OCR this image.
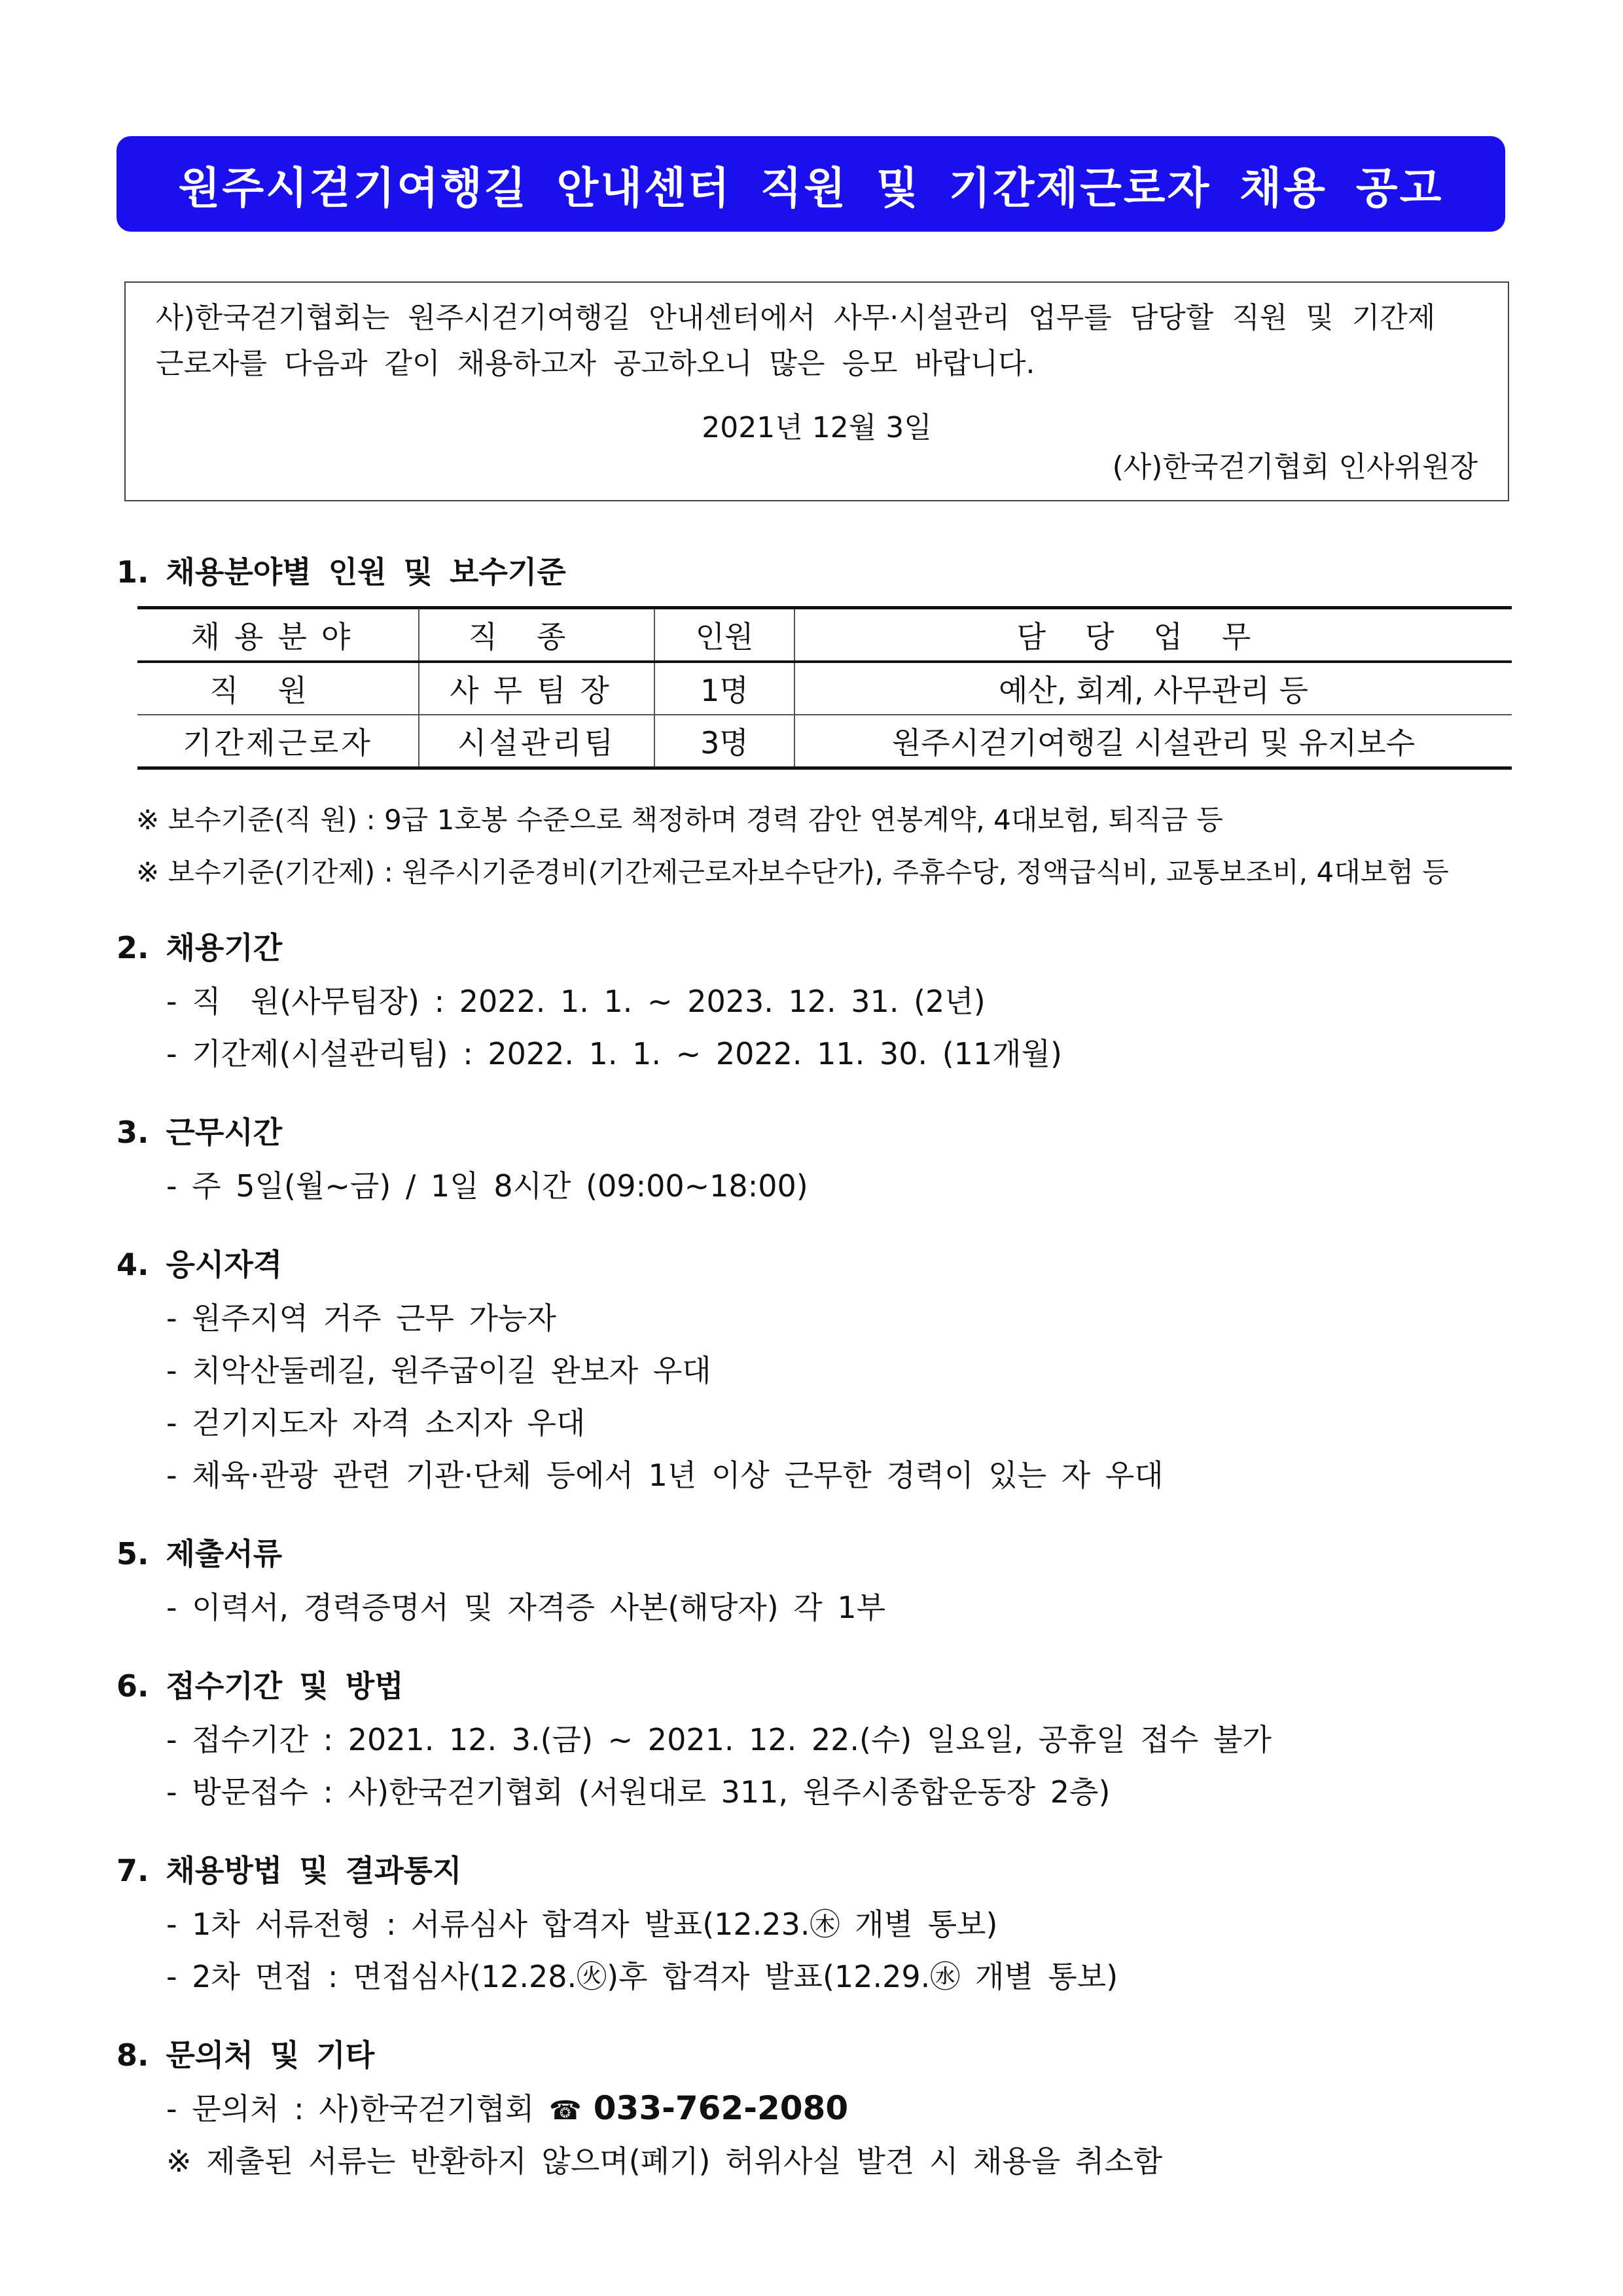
원주시걷기여행길 안내센터 직원 및 기간제근로자 채용 공고
사)한국걷기협회는 원주시걷기여행길 안내센터에서 사무·시설관리 업무를 담당할 직원 및 기간제
근로자를 다음과 같이 채용하고자 공고하오니 많은 응모 바랍니다.
2021년 12월 3일
(사)한국걷기협회 인사위원장
1. 채용분야별 인원 및 보수기준
채용분야	직종	인원	담당업무
직원	사무팀장	1명	예산, 회계, 사무관리 등
기간제근로자	시설관리팀	3명	원주시걷기여행길 시설관리 및 유지보수
※ 보수기준(직 원) : 9급 1호봉 수준으로 책정하며 경력 감안 연봉계약, 4대보험, 퇴직금 등
※ 보수기준(기간제) : 원주시기준경비(기간제근로자보수단가), 주휴수당, 정액급식비, 교통보조비, 4대보험 등
2. 채용기간
- 직  원(사무팀장) : 2022. 1. 1. ~ 2023. 12. 31. (2년)
- 기간제(시설관리팀) : 2022. 1. 1. ~ 2022. 11. 30. (11개월)
3. 근무시간
- 주 5일(월~금) / 1일 8시간 (09:00~18:00)
4. 응시자격
- 원주지역 거주 근무 가능자
- 치악산둘레길, 원주굽이길 완보자 우대
- 걷기지도자 자격 소지자 우대
- 체육·관광 관련 기관·단체 등에서 1년 이상 근무한 경력이 있는 자 우대
5. 제출서류
- 이력서, 경력증명서 및 자격증 사본(해당자) 각 1부
6. 접수기간 및 방법
- 접수기간 : 2021. 12. 3.(금) ~ 2021. 12. 22.(수) 일요일, 공휴일 접수 불가
- 방문접수 : 사)한국걷기협회 (서원대로 311, 원주시종합운동장 2층)
7. 채용방법 및 결과통지
- 1차 서류전형 : 서류심사 합격자 발표(12.23.㊍ 개별 통보)
- 2차 면접 : 면접심사(12.28.㊋)후 합격자 발표(12.29.㊌ 개별 통보)
8. 문의처 및 기타
- 문의처 : 사)한국걷기협회 ☎ 033-762-2080
※ 제출된 서류는 반환하지 않으며(폐기) 허위사실 발견 시 채용을 취소함
